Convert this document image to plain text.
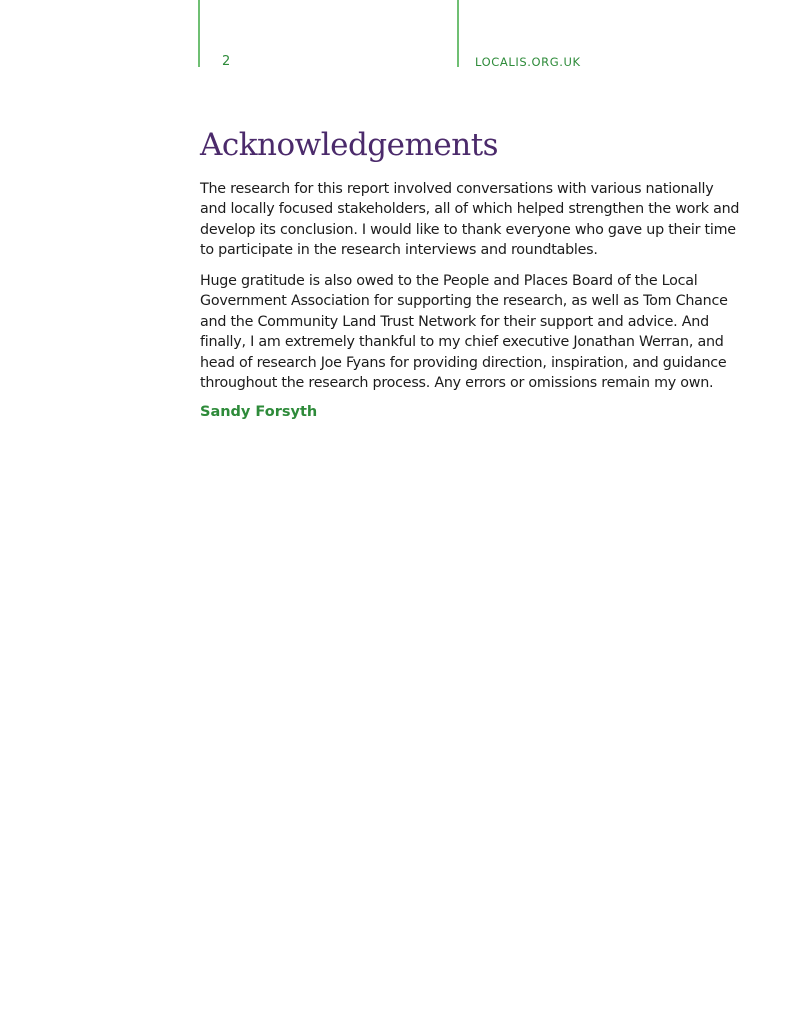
2	LOCALIS.ORG.UK
Acknowledgements

The research for this report involved conversations with various nationally and locally focused stakeholders, all of which helped strengthen the work and develop its conclusion. I would like to thank everyone who gave up their time to participate in the research interviews and roundtables.

Huge gratitude is also owed to the People and Places Board of the Local Government Association for supporting the research, as well as Tom Chance and the Community Land Trust Network for their support and advice. And finally, I am extremely thankful to my chief executive Jonathan Werran, and head of research Joe Fyans for providing direction, inspiration, and guidance throughout the research process. Any errors or omissions remain my own.

Sandy Forsyth
